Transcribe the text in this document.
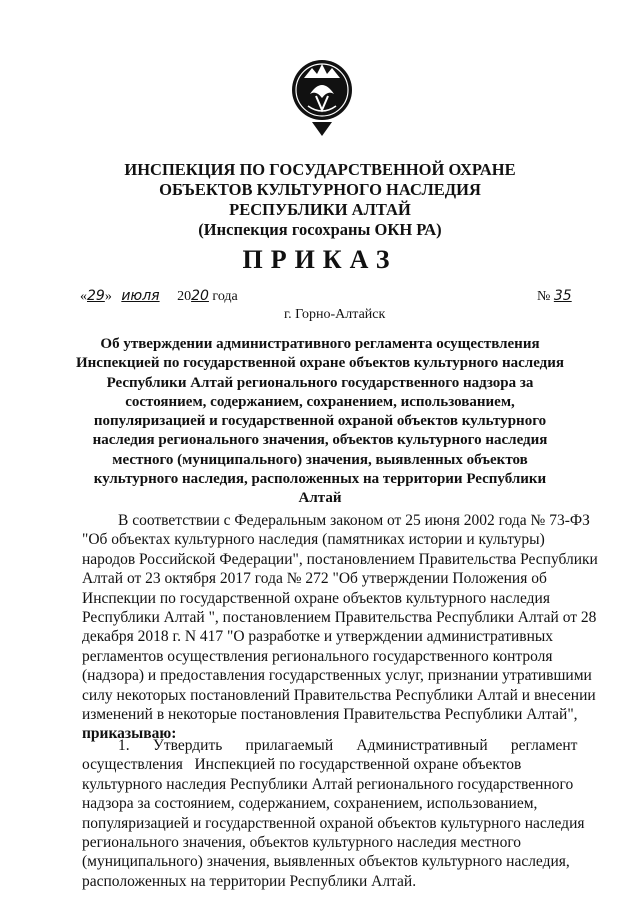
ИНСПЕКЦИЯ ПО ГОСУДАРСТВЕННОЙ ОХРАНЕ
ОБЪЕКТОВ КУЛЬТУРНОГО НАСЛЕДИЯ
РЕСПУБЛИКИ АЛТАЙ
(Инспекция госохраны ОКН РА)
ПРИКАЗ
«29» июля 2020 года	№ 35
г. Горно-Алтайск
Об утверждении административного регламента осуществления
Инспекцией по государственной охране объектов культурного наследия
Республики Алтай регионального государственного надзора за
состоянием, содержанием, сохранением, использованием,
популяризацией и государственной охраной объектов культурного
наследия регионального значения, объектов культурного наследия
местного (муниципального) значения, выявленных объектов
культурного наследия, расположенных на территории Республики
Алтай
В соответствии с Федеральным законом от 25 июня 2002 года № 73-ФЗ
"Об объектах культурного наследия (памятниках истории и культуры)
народов Российской Федерации", постановлением Правительства Республики
Алтай от 23 октября 2017 года № 272 "Об утверждении Положения об
Инспекции по государственной охране объектов культурного наследия
Республики Алтай ", постановлением Правительства Республики Алтай от 28
декабря 2018 г. N 417 "О разработке и утверждении административных
регламентов осуществления регионального государственного контроля
(надзора) и предоставления государственных услуг, признании утратившими
силу некоторых постановлений Правительства Республики Алтай и внесении
изменений в некоторые постановления Правительства Республики Алтай",
приказываю:
1.      Утвердить      прилагаемый      Административный      регламент
осуществления   Инспекцией по государственной охране объектов
культурного наследия Республики Алтай регионального государственного
надзора за состоянием, содержанием, сохранением, использованием,
популяризацией и государственной охраной объектов культурного наследия
регионального значения, объектов культурного наследия местного
(муниципального) значения, выявленных объектов культурного наследия,
расположенных на территории Республики Алтай.
